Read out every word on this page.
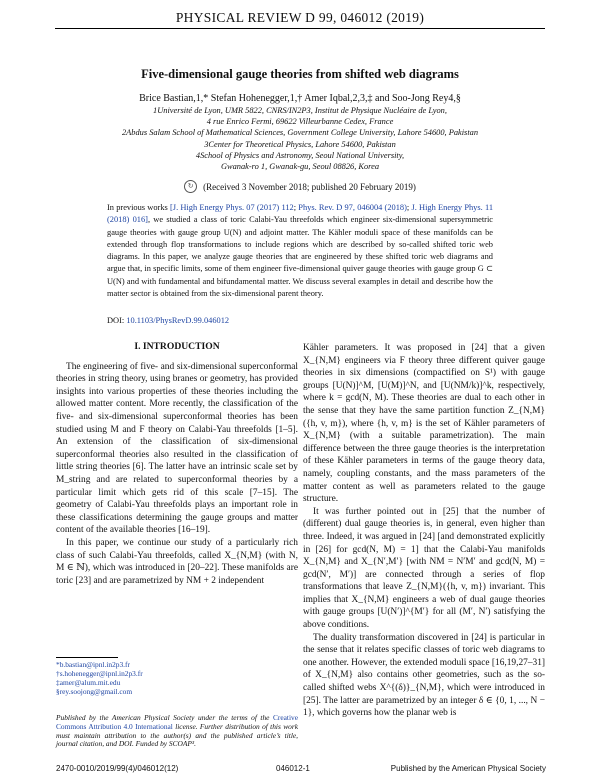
PHYSICAL REVIEW D 99, 046012 (2019)
Five-dimensional gauge theories from shifted web diagrams
Brice Bastian,1,* Stefan Hohenegger,1,† Amer Iqbal,2,3,‡ and Soo-Jong Rey4,§
1Université de Lyon, UMR 5822, CNRS/IN2P3, Institut de Physique Nucléaire de Lyon,
4 rue Enrico Fermi, 69622 Villeurbanne Cedex, France
2Abdus Salam School of Mathematical Sciences, Government College University, Lahore 54600, Pakistan
3Center for Theoretical Physics, Lahore 54600, Pakistan
4School of Physics and Astronomy, Seoul National University,
Gwanak-ro 1, Gwanak-gu, Seoul 08826, Korea
↻	(Received 3 November 2018; published 20 February 2019)
In previous works [J. High Energy Phys. 07 (2017) 112; Phys. Rev. D 97, 046004 (2018); J. High Energy Phys. 11 (2018) 016], we studied a class of toric Calabi-Yau threefolds which engineer six-dimensional supersymmetric gauge theories with gauge group U(N) and adjoint matter. The Kähler moduli space of these manifolds can be extended through flop transformations to include regions which are described by so-called shifted toric web diagrams. In this paper, we analyze gauge theories that are engineered by these shifted toric web diagrams and argue that, in specific limits, some of them engineer five-dimensional quiver gauge theories with gauge group G ⊂ U(N) and with fundamental and bifundamental matter. We discuss several examples in detail and describe how the matter sector is obtained from the six-dimensional parent theory.
DOI: 10.1103/PhysRevD.99.046012
I. INTRODUCTION

The engineering of five- and six-dimensional superconformal theories in string theory, using branes or geometry, has provided insights into various properties of these theories including the allowed matter content. More recently, the classification of the five- and six-dimensional superconformal theories has been studied using M and F theory on Calabi-Yau threefolds [1–5]. An extension of the classification of six-dimensional superconformal theories also resulted in the classification of little string theories [6]. The latter have an intrinsic scale set by M_string and are related to superconformal theories by a particular limit which gets rid of this scale [7–15]. The geometry of Calabi-Yau threefolds plays an important role in these classifications determining the gauge groups and matter content of the available theories [16–19].

In this paper, we continue our study of a particularly rich class of such Calabi-Yau threefolds, called X_{N,M} (with N, M ∈ ℕ), which was introduced in [20–22]. These manifolds are toric [23] and are parametrized by NM + 2 independent

Kähler parameters. It was proposed in [24] that a given X_{N,M} engineers via F theory three different quiver gauge theories in six dimensions (compactified on S¹) with gauge groups [U(N)]^M, [U(M)]^N, and [U(NM/k)]^k, respectively, where k = gcd(N, M). These theories are dual to each other in the sense that they have the same partition function Z_{N,M}({h, v, m}), where {h, v, m} is the set of Kähler parameters of X_{N,M} (with a suitable parametrization). The main difference between the three gauge theories is the interpretation of these Kähler parameters in terms of the gauge theory data, namely, coupling constants, and the mass parameters of the matter content as well as parameters related to the gauge structure.

It was further pointed out in [25] that the number of (different) dual gauge theories is, in general, even higher than three. Indeed, it was argued in [24] [and demonstrated explicitly in [26] for gcd(N, M) = 1] that the Calabi-Yau manifolds X_{N,M} and X_{N′,M′} [with NM = N′M′ and gcd(N, M) = gcd(N′, M′)] are connected through a series of flop transformations that leave Z_{N,M}({h, v, m}) invariant. This implies that X_{N,M} engineers a web of dual gauge theories with gauge groups [U(N′)]^{M′} for all (M′, N′) satisfying the above conditions.

The duality transformation discovered in [24] is particular in the sense that it relates specific classes of toric web diagrams to one another. However, the extended moduli space [16,19,27–31] of X_{N,M} also contains other geometries, such as the so-called shifted webs X^{(δ)}_{N,M}, which were introduced in [25]. The latter are parametrized by an integer δ ∈ {0, 1, ..., N − 1}, which governs how the planar web is

*b.bastian@ipnl.in2p3.fr
†s.hohenegger@ipnl.in2p3.fr
‡amer@alum.mit.edu
§rey.soojong@gmail.com
Published by the American Physical Society under the terms of the Creative Commons Attribution 4.0 International license. Further distribution of this work must maintain attribution to the author(s) and the published article’s title, journal citation, and DOI. Funded by SCOAP³.
2470-0010/2019/99(4)/046012(12)	046012-1	Published by the American Physical Society
